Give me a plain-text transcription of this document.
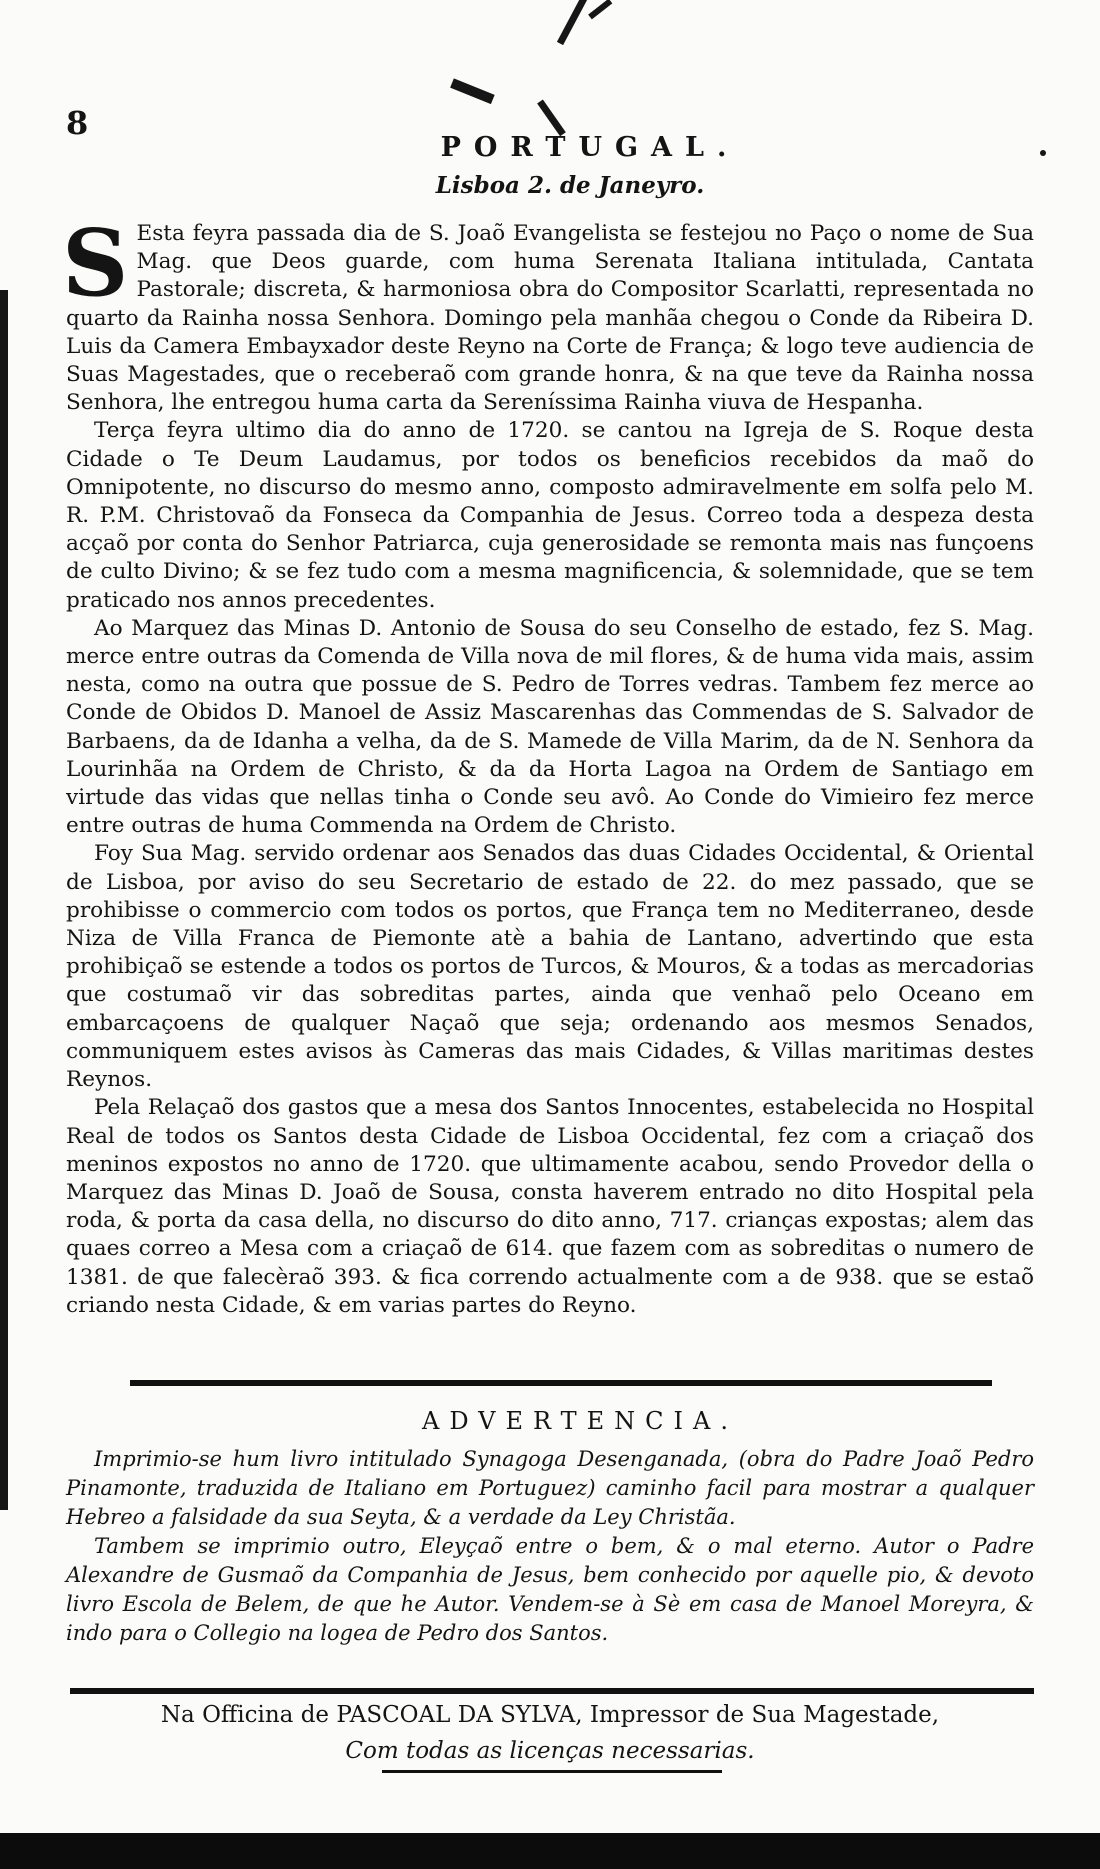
8
PORTUGAL.
Lisboa 2. de Janeyro.
S Esta feyra passada dia de S. Joaõ Evangelista se festejou no Paço o nome de Sua Mag. que Deos guarde, com huma Serenata Italiana intitulada, Cantata Pastorale; discreta, & harmoniosa obra do Compositor Scarlatti, representada no quarto da Rainha nossa Senhora. Domingo pela manhãa chegou o Conde da Ribeira D. Luis da Camera Embayxador deste Reyno na Corte de França; & logo teve audiencia de Suas Magestades, que o receberaõ com grande honra, & na que teve da Rainha nossa Senhora, lhe entregou huma carta da Sereníssima Rainha viuva de Hespanha.

Terça feyra ultimo dia do anno de 1720. se cantou na Igreja de S. Roque desta Cidade o Te Deum Laudamus, por todos os beneficios recebidos da maõ do Omnipotente, no discurso do mesmo anno, composto admiravelmente em solfa pelo M. R. P.M. Christovaõ da Fonseca da Companhia de Jesus. Correo toda a despeza desta acçaõ por conta do Senhor Patriarca, cuja generosidade se remonta mais nas funçoens de culto Divino; & se fez tudo com a mesma magnificencia, & solemnidade, que se tem praticado nos annos precedentes.

Ao Marquez das Minas D. Antonio de Sousa do seu Conselho de estado, fez S. Mag. merce entre outras da Comenda de Villa nova de mil flores, & de huma vida mais, assim nesta, como na outra que possue de S. Pedro de Torres vedras. Tambem fez merce ao Conde de Obidos D. Manoel de Assiz Mascarenhas das Commendas de S. Salvador de Barbaens, da de Idanha a velha, da de S. Mamede de Villa Marim, da de N. Senhora da Lourinhãa na Ordem de Christo, & da da Horta Lagoa na Ordem de Santiago em virtude das vidas que nellas tinha o Conde seu avô. Ao Conde do Vimieiro fez merce entre outras de huma Commenda na Ordem de Christo.

Foy Sua Mag. servido ordenar aos Senados das duas Cidades Occidental, & Oriental de Lisboa, por aviso do seu Secretario de estado de 22. do mez passado, que se prohibisse o commercio com todos os portos, que França tem no Mediterraneo, desde Niza de Villa Franca de Piemonte atè a bahia de Lantano, advertindo que esta prohibiçaõ se estende a todos os portos de Turcos, & Mouros, & a todas as mercadorias que costumaõ vir das sobreditas partes, ainda que venhaõ pelo Oceano em embarcaçoens de qualquer Naçaõ que seja; ordenando aos mesmos Senados, communiquem estes avisos às Cameras das mais Cidades, & Villas maritimas destes Reynos.

Pela Relaçaõ dos gastos que a mesa dos Santos Innocentes, estabelecida no Hospital Real de todos os Santos desta Cidade de Lisboa Occidental, fez com a criaçaõ dos meninos expostos no anno de 1720. que ultimamente acabou, sendo Provedor della o Marquez das Minas D. Joaõ de Sousa, consta haverem entrado no dito Hospital pela roda, & porta da casa della, no discurso do dito anno, 717. crianças expostas; alem das quaes correo a Mesa com a criaçaõ de 614. que fazem com as sobreditas o numero de 1381. de que falecèraõ 393. & fica correndo actualmente com a de 938. que se estaõ criando nesta Cidade, & em varias partes do Reyno.

ADVERTENCIA.

Imprimio-se hum livro intitulado Synagoga Desenganada, (obra do Padre Joaõ Pedro Pinamonte, traduzida de Italiano em Portuguez) caminho facil para mostrar a qualquer Hebreo a falsidade da sua Seyta, & a verdade da Ley Christãa.

Tambem se imprimio outro, Eleyçaõ entre o bem, & o mal eterno. Autor o Padre Alexandre de Gusmaõ da Companhia de Jesus, bem conhecido por aquelle pio, & devoto livro Escola de Belem, de que he Autor. Vendem-se à Sè em casa de Manoel Moreyra, & indo para o Collegio na logea de Pedro dos Santos.

Na Officina de PASCOAL DA SYLVA, Impressor de Sua Magestade,
Com todas as licenças necessarias.
